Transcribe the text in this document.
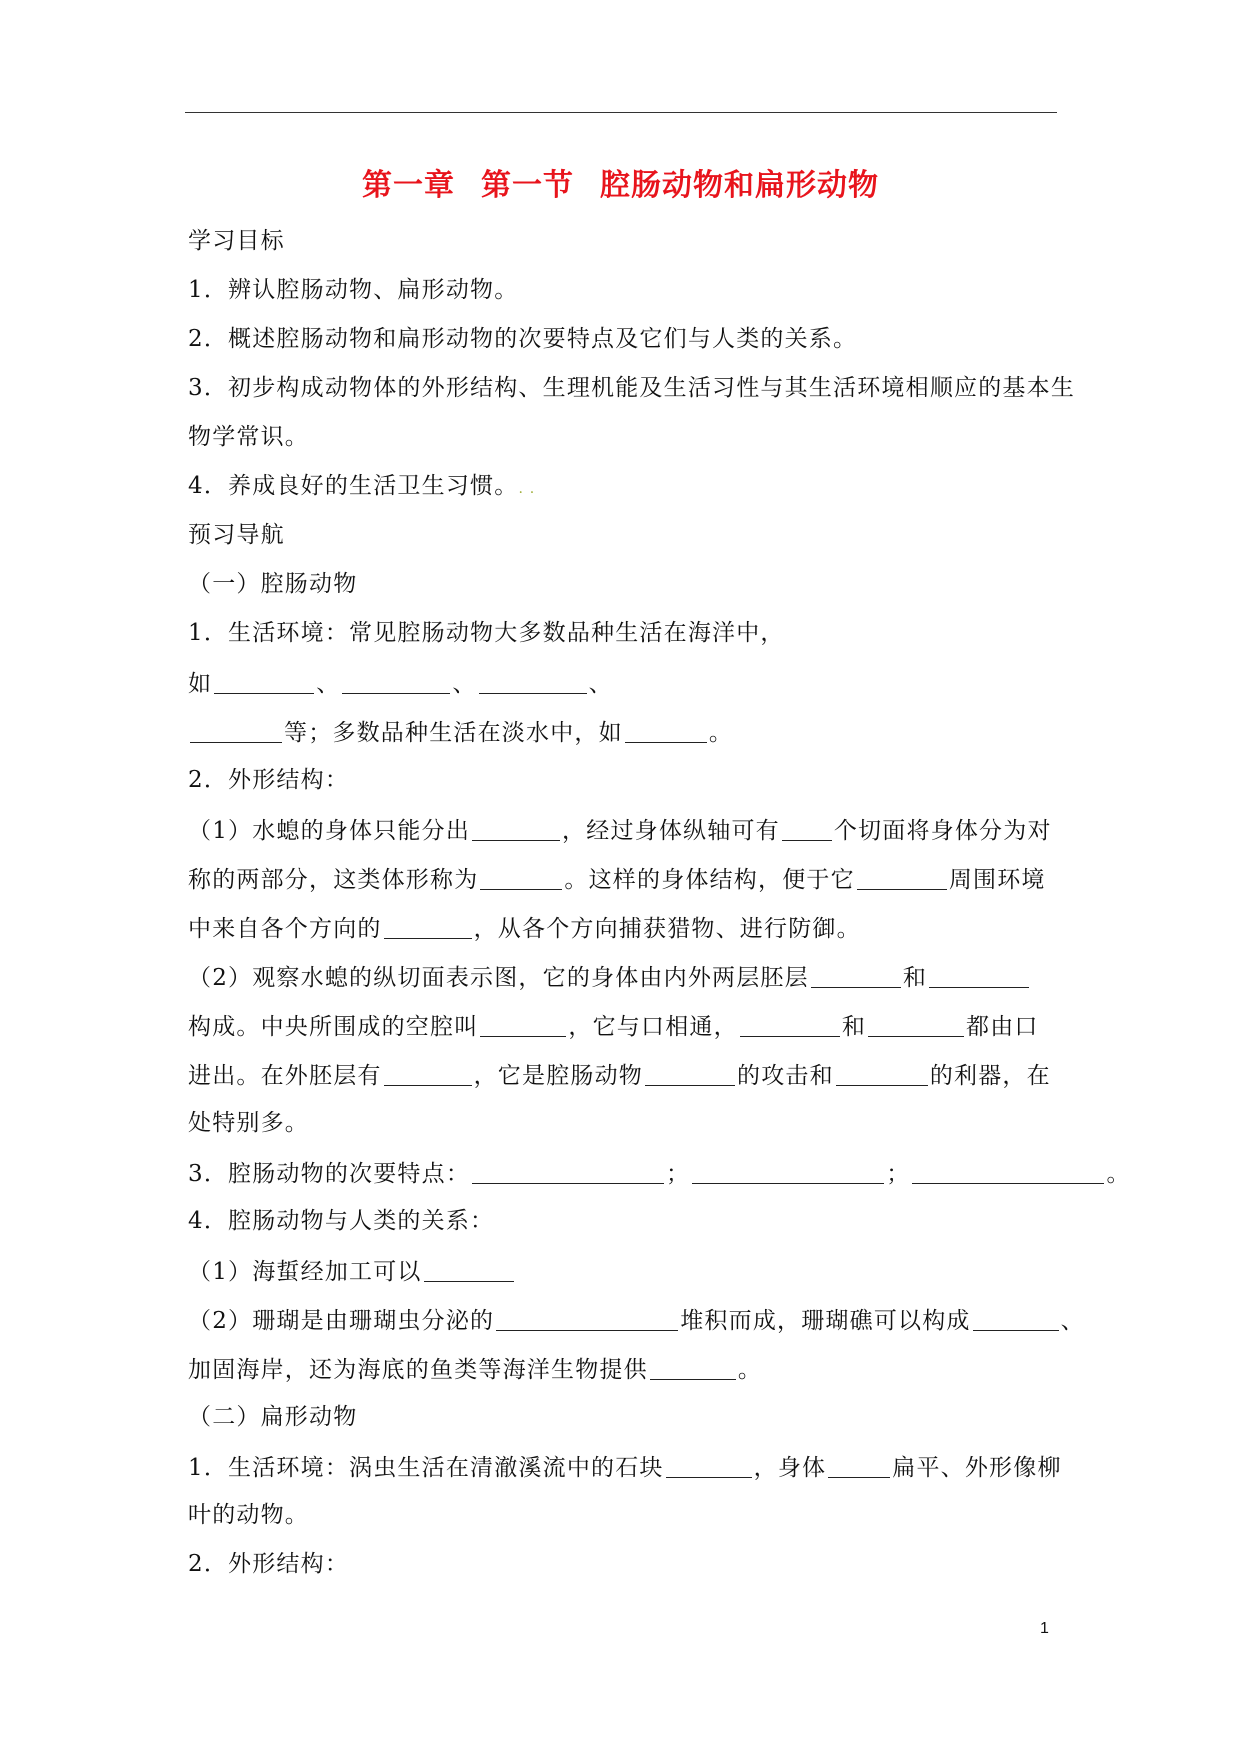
第一章 第一节 腔肠动物和扁形动物
学习目标
1．辨认腔肠动物、扁形动物。
2．概述腔肠动物和扁形动物的次要特点及它们与人类的关系。
3．初步构成动物体的外形结构、生理机能及生活习性与其生活环境相顺应的基本生
物学常识。
4．养成良好的生活卫生习惯。. .
预习导航
（一）腔肠动物
1．生活环境：常见腔肠动物大多数品种生活在海洋中，
如	、	、	、
等；多数品种生活在淡水中，如	。
2．外形结构：
（1）水螅的身体只能分出	，经过身体纵轴可有 个切面将身体分为对
称的两部分，这类体形称为	。这样的身体结构，便于它	周围环境
中来自各个方向的	，从各个方向捕获猎物、进行防御。
（2）观察水螅的纵切面表示图，它的身体由内外两层胚层	和
构成。中央所围成的空腔叫	，它与口相通，	和	都由口
进出。在外胚层有	，它是腔肠动物	的攻击和	的利器，在
处特别多。
3．腔肠动物的次要特点：	；	；	。
4．腔肠动物与人类的关系：
（1）海蜇经加工可以
（2）珊瑚是由珊瑚虫分泌的	堆积而成，珊瑚礁可以构成	、
加固海岸，还为海底的鱼类等海洋生物提供	。
（二）扁形动物
1．生活环境：涡虫生活在清澈溪流中的石块	，身体	扁平、外形像柳
叶的动物。
2．外形结构：
1
